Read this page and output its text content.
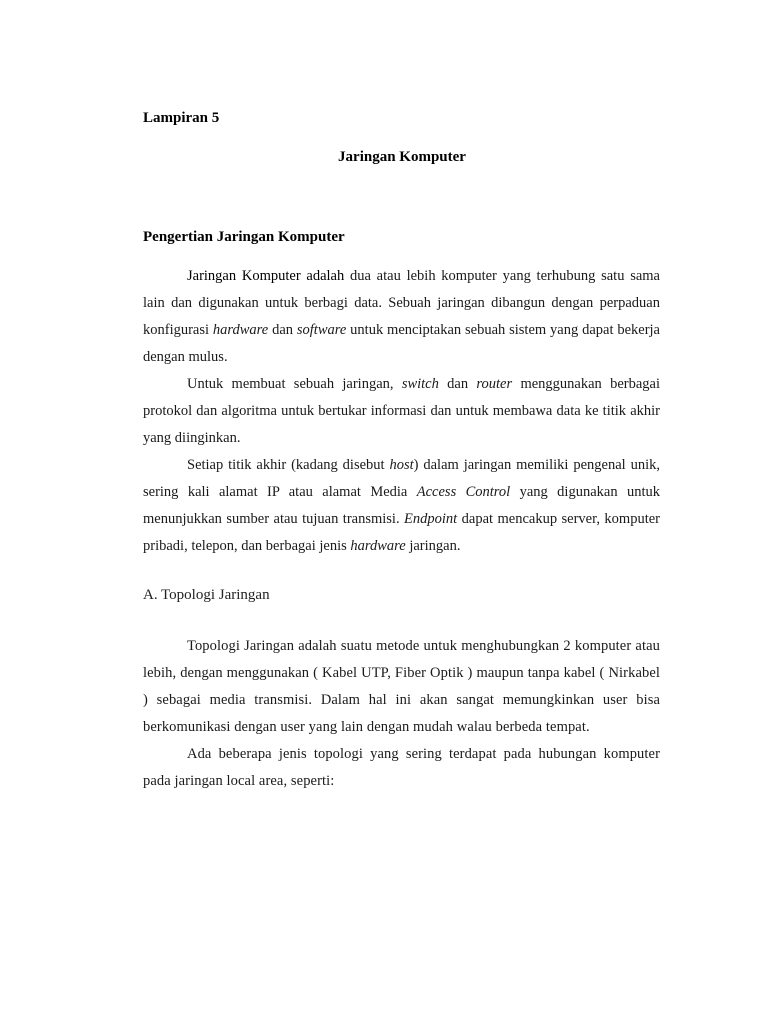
Lampiran 5

Jaringan Komputer

Pengertian Jaringan Komputer

Jaringan Komputer adalah dua atau lebih komputer yang terhubung satu sama lain dan digunakan untuk berbagi data. Sebuah jaringan dibangun dengan perpaduan konfigurasi hardware dan software untuk menciptakan sebuah sistem yang dapat bekerja dengan mulus.

Untuk membuat sebuah jaringan, switch dan router menggunakan berbagai protokol dan algoritma untuk bertukar informasi dan untuk membawa data ke titik akhir yang diinginkan.

Setiap titik akhir (kadang disebut host) dalam jaringan memiliki pengenal unik, sering kali alamat IP atau alamat Media Access Control yang digunakan untuk menunjukkan sumber atau tujuan transmisi. Endpoint dapat mencakup server, komputer pribadi, telepon, dan berbagai jenis hardware jaringan.

A. Topologi Jaringan

Topologi Jaringan adalah suatu metode untuk menghubungkan 2 komputer atau lebih, dengan menggunakan ( Kabel UTP, Fiber Optik ) maupun tanpa kabel ( Nirkabel ) sebagai media transmisi. Dalam hal ini akan sangat memungkinkan user bisa berkomunikasi dengan user yang lain dengan mudah walau berbeda tempat.

Ada beberapa jenis topologi yang sering terdapat pada hubungan komputer pada jaringan local area, seperti:
